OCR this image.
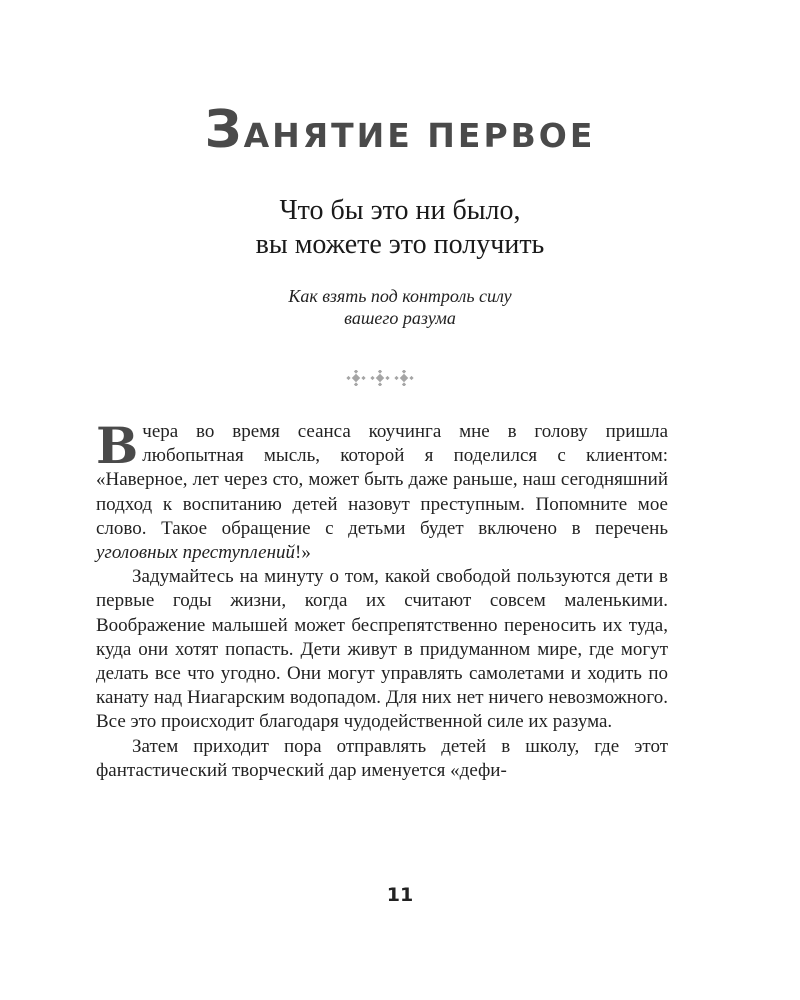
ЗАНЯТИЕ ПЕРВОЕ
Что бы это ни было,
вы можете это получить
Как взять под контроль силу
вашего разума

Вчера во время сеанса коучинга мне в голову пришла любопытная мысль, которой я поделился с клиентом: «Наверное, лет через сто, может быть даже раньше, наш сегодняшний подход к воспитанию детей назовут преступным. Попомните мое слово. Такое обращение с детьми будет включено в перечень уголовных преступлений!»

Задумайтесь на минуту о том, какой свободой пользуются дети в первые годы жизни, когда их считают совсем маленькими. Воображение малышей может беспрепятственно переносить их туда, куда они хотят попасть. Дети живут в придуманном мире, где могут делать все что угодно. Они могут управлять самолетами и ходить по канату над Ниагарским водопадом. Для них нет ничего невозможного. Все это происходит благодаря чудодейственной силе их разума.

Затем приходит пора отправлять детей в школу, где этот фантастический творческий дар именуется «дефи-

11
